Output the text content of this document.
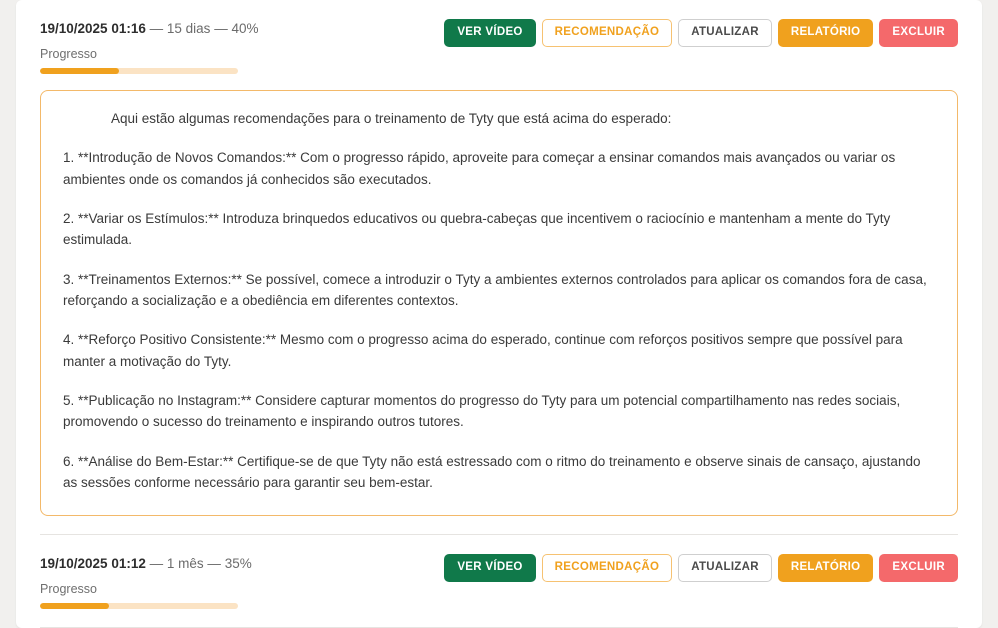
19/10/2025 01:16 — 15 dias — 40%
Progresso
VER VÍDEO	RECOMENDAÇÃO	ATUALIZAR	RELATÓRIO	EXCLUIR

Aqui estão algumas recomendações para o treinamento de Tyty que está acima do esperado:

1. **Introdução de Novos Comandos:** Com o progresso rápido, aproveite para começar a ensinar comandos mais avançados ou variar os ambientes onde os comandos já conhecidos são executados.

2. **Variar os Estímulos:** Introduza brinquedos educativos ou quebra-cabeças que incentivem o raciocínio e mantenham a mente do Tyty estimulada.

3. **Treinamentos Externos:** Se possível, comece a introduzir o Tyty a ambientes externos controlados para aplicar os comandos fora de casa, reforçando a socialização e a obediência em diferentes contextos.

4. **Reforço Positivo Consistente:** Mesmo com o progresso acima do esperado, continue com reforços positivos sempre que possível para manter a motivação do Tyty.

5. **Publicação no Instagram:** Considere capturar momentos do progresso do Tyty para um potencial compartilhamento nas redes sociais, promovendo o sucesso do treinamento e inspirando outros tutores.

6. **Análise do Bem-Estar:** Certifique-se de que Tyty não está estressado com o ritmo do treinamento e observe sinais de cansaço, ajustando as sessões conforme necessário para garantir seu bem-estar.

19/10/2025 01:12 — 1 mês — 35%
Progresso
VER VÍDEO	RECOMENDAÇÃO	ATUALIZAR	RELATÓRIO	EXCLUIR
